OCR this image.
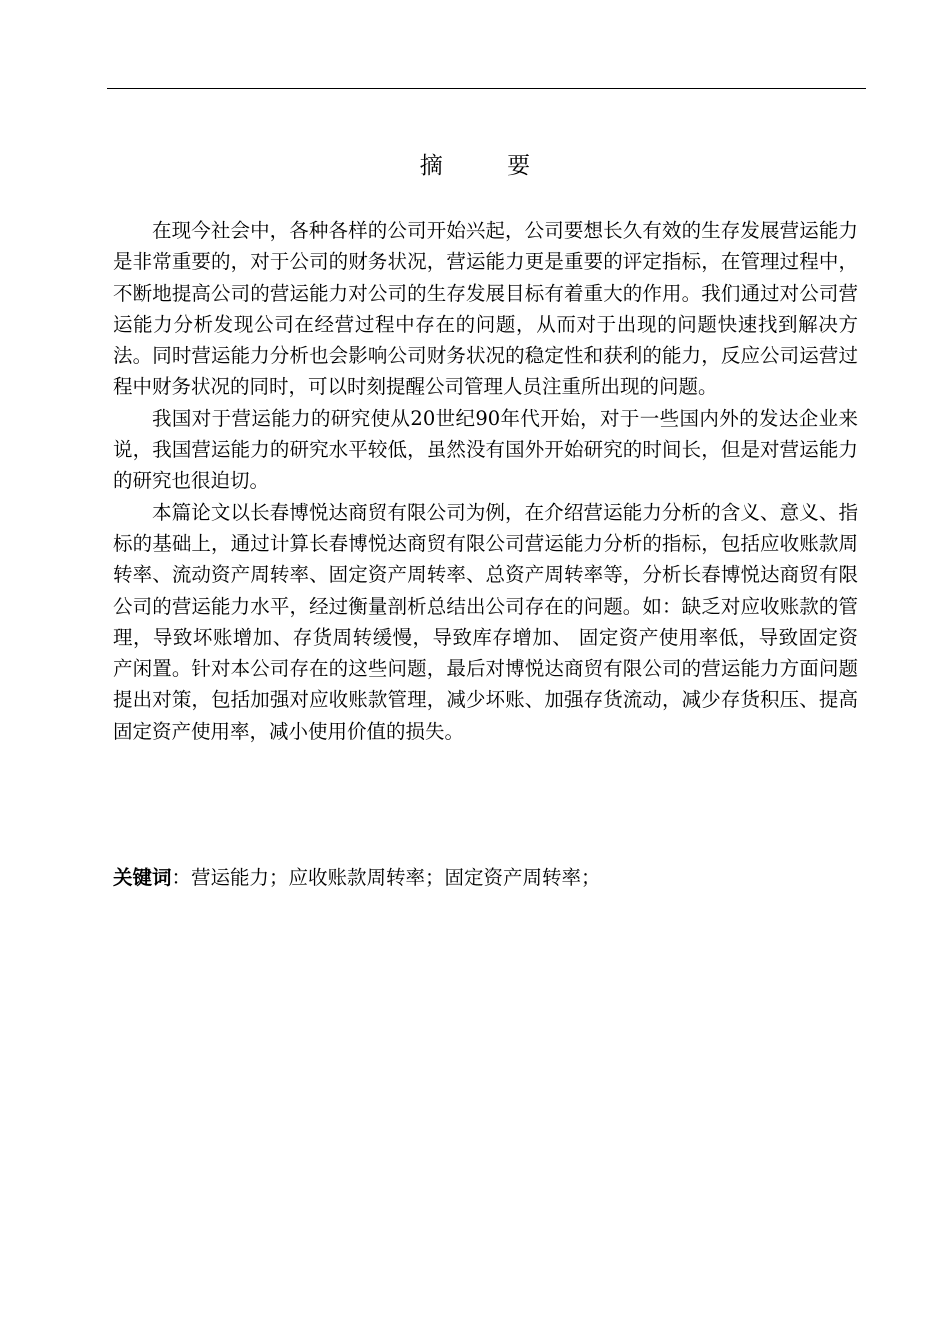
摘　要

在现今社会中，各种各样的公司开始兴起，公司要想长久有效的生存发展营运能力是非常重要的，对于公司的财务状况，营运能力更是重要的评定指标，在管理过程中，不断地提高公司的营运能力对公司的生存发展目标有着重大的作用。我们通过对公司营运能力分析发现公司在经营过程中存在的问题，从而对于出现的问题快速找到解决方法。同时营运能力分析也会影响公司财务状况的稳定性和获利的能力，反应公司运营过程中财务状况的同时，可以时刻提醒公司管理人员注重所出现的问题。

我国对于营运能力的研究使从20世纪90年代开始，对于一些国内外的发达企业来说，我国营运能力的研究水平较低，虽然没有国外开始研究的时间长，但是对营运能力的研究也很迫切。

本篇论文以长春博悦达商贸有限公司为例，在介绍营运能力分析的含义、意义、指标的基础上，通过计算长春博悦达商贸有限公司营运能力分析的指标，包括应收账款周转率、流动资产周转率、固定资产周转率、总资产周转率等，分析长春博悦达商贸有限公司的营运能力水平，经过衡量剖析总结出公司存在的问题。如：缺乏对应收账款的管理，导致坏账增加、存货周转缓慢，导致库存增加、 固定资产使用率低，导致固定资产闲置。针对本公司存在的这些问题，最后对博悦达商贸有限公司的营运能力方面问题提出对策，包括加强对应收账款管理，减少坏账、加强存货流动，减少存货积压、提高固定资产使用率，减小使用价值的损失。

关键词：营运能力；应收账款周转率；固定资产周转率；
